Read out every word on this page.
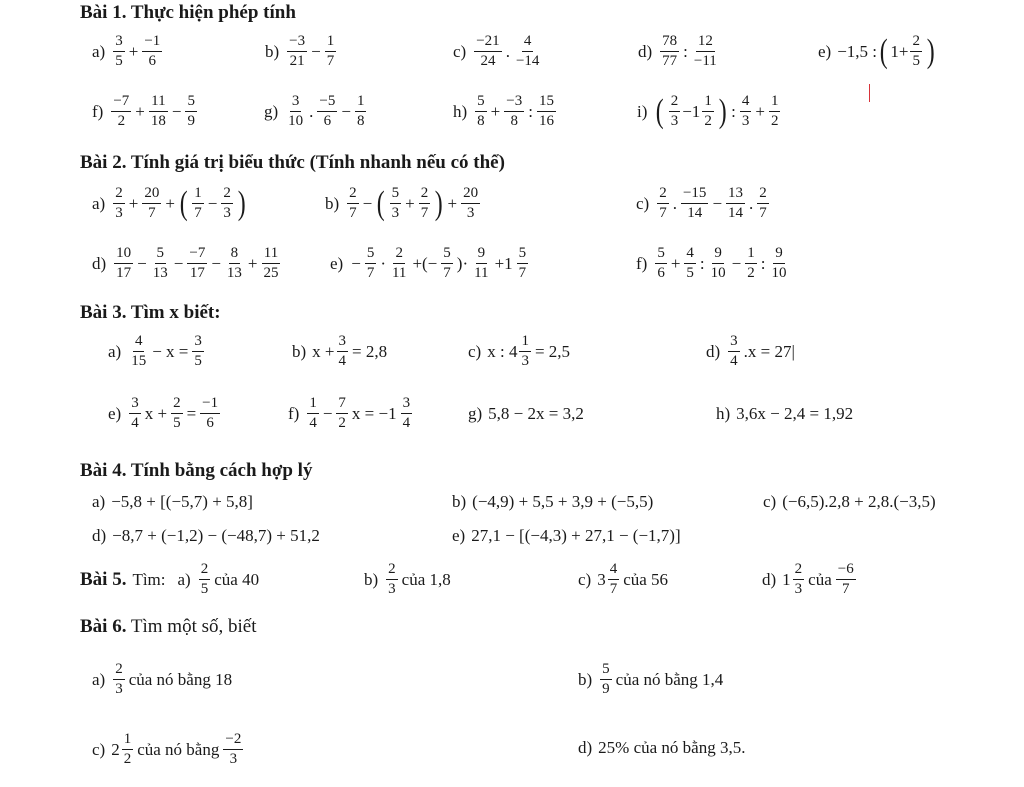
Bài 1. Thực hiện phép tính
$a) \frac{3}{5} + \frac{-1}{6}$	$b) \frac{-3}{21} - \frac{1}{7}$	$c) \frac{-21}{24}$ . $\frac{4}{-14}$	$d) \frac{78}{77}$ : $\frac{12}{-11}$	e) −1,5 : ( $1+ \frac{2}{5}$ )
$f) \frac{-7}{2} + \frac{11}{18} - \frac{5}{9}$	$g) \frac{3}{10}$ . $\frac{-5}{6} - \frac{1}{8}$	$h) \frac{5}{8} + \frac{-3}{8}$ : $\frac{15}{16}$	i) ( $\frac{2}{3} -1 \frac{1}{2}$ ) : $\frac{4}{3} + \frac{1}{2}$
Bài 2. Tính giá trị biểu thức (Tính nhanh nếu có thể)
$a) \frac{2}{3} + \frac{20}{7}$ + ( $\frac{1}{7} - \frac{2}{3}$ )	$b) \frac{2}{7}$ − ( $\frac{5}{3} + \frac{2}{7}$ ) + $\frac{20}{3}$	$c) \frac{2}{7}$ . $\frac{-15}{14} - \frac{13}{14}$ . $\frac{2}{7}$
$d) \frac{10}{17} - \frac{5}{13} - \frac{-7}{17} - \frac{8}{13} + \frac{11}{25}$	$e) - \frac{5}{7} \cdot \frac{2}{11}$ +(− $\frac{5}{7}$ )· $\frac{9}{11} +1 \frac{5}{7}$	$f) \frac{5}{6} + \frac{4}{5}$ : $\frac{9}{10} - \frac{1}{2}$ : $\frac{9}{10}$
Bài 3. Tìm x biết:
$a) \frac{4}{15} - x = \frac{3}{5}$	b) $x + \frac{3}{4} = 2,8$	c) x : $4 \frac{1}{3} = 2,5$	$d) \frac{3}{4} .x = 27|$
$e) \frac{3}{4}$ $x + \frac{2}{5} = \frac{-1}{6}$	$f) \frac{1}{4} - \frac{7}{2}$ $x = -1 \frac{3}{4}$	g) 5,8 − 2x = 3,2	h) 3,6x − 2,4 = 1,92
Bài 4. Tính bằng cách hợp lý
a) −5,8 + [(−5,7) + 5,8]	b) (−4,9) + 5,5 + 3,9 + (−5,5)	c) (−6,5).2,8 + 2,8.(−3,5)
d) −8,7 + (−1,2) − (−48,7) + 51,2	e) 27,1 − [(−4,3) + 27,1 − (−1,7)]
Bài 5. Tìm: $a) \frac{2}{5}$ của 40	$b) \frac{2}{3}$ của 1,8	c) $3 \frac{4}{7}$ của 56	d) $1 \frac{2}{3}$ của $\frac{-6}{7}$
Bài 6. Tìm một số, biết
$a) \frac{2}{3}$ của nó bằng 18	$b) \frac{5}{9}$ của nó bằng 1,4
c) $2 \frac{1}{2}$ của nó bằng $\frac{-2}{3}$	d) 25% của nó bằng 3,5.
